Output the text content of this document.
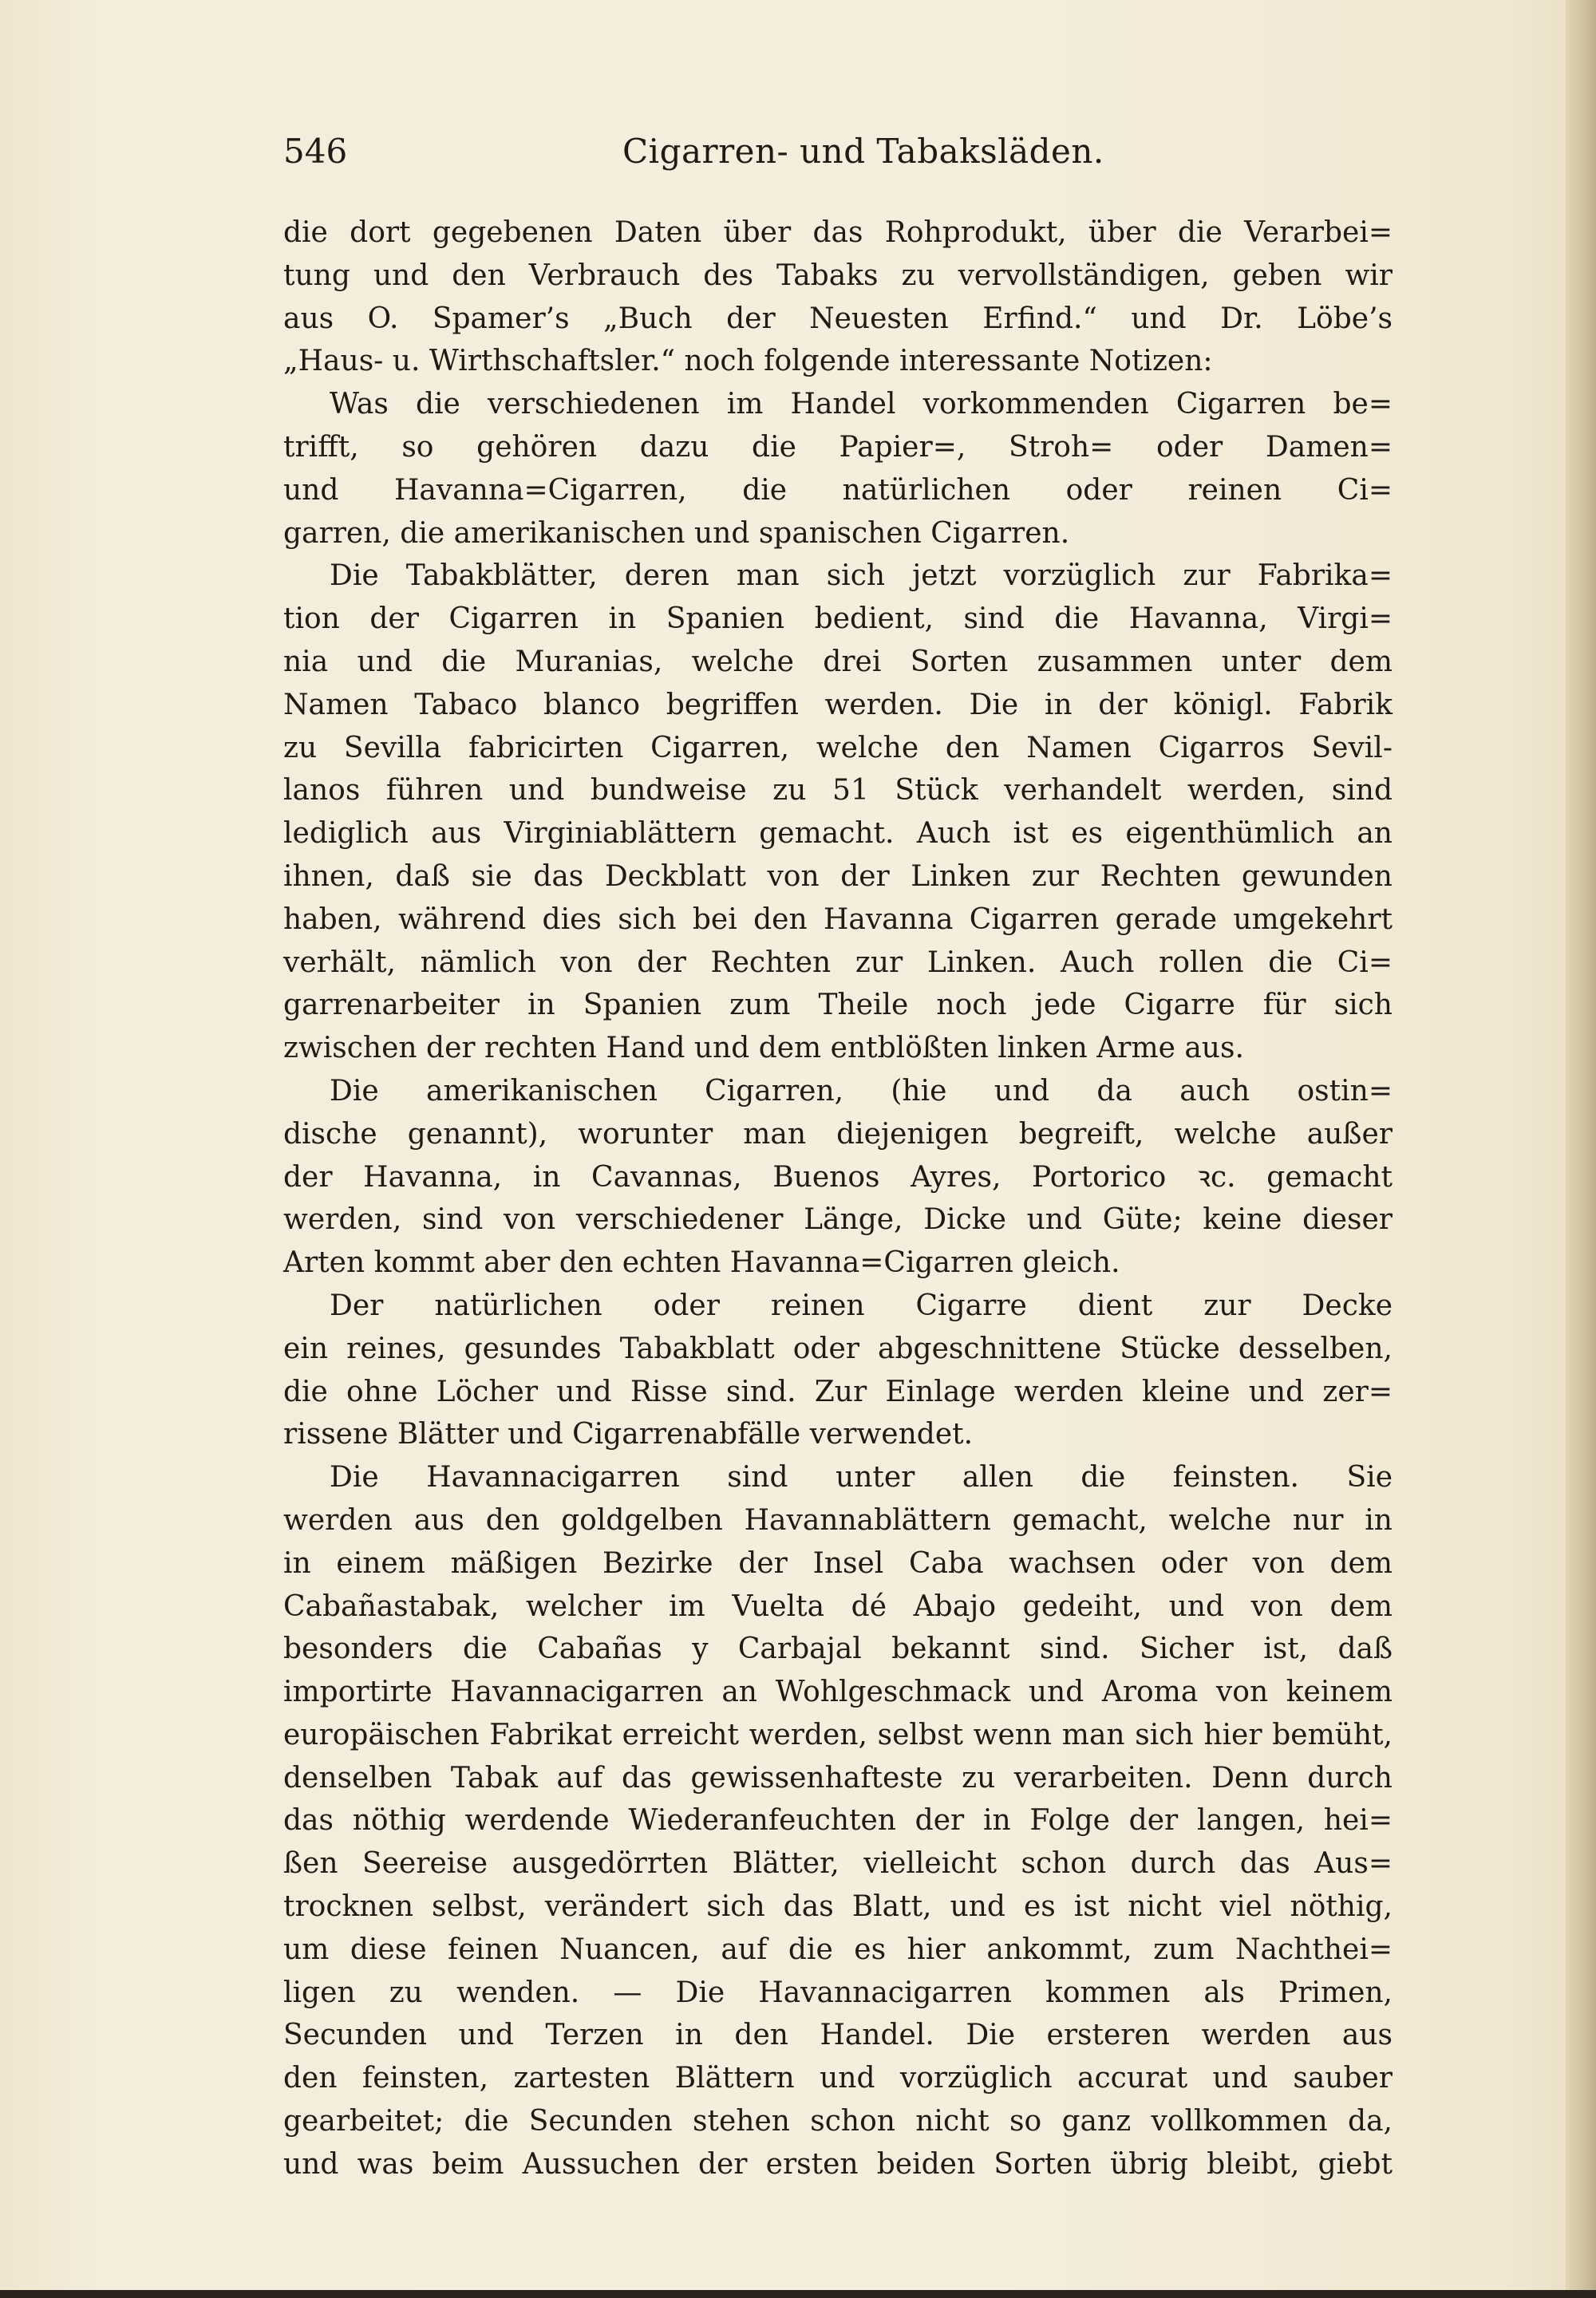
546	Cigarren- und Tabaksläden.
die dort gegebenen Daten über das Rohprodukt, über die Verarbei=
tung und den Verbrauch des Tabaks zu vervollständigen, geben wir
aus O. Spamer’s „Buch der Neuesten Erfind.“ und Dr. Löbe’s
„Haus- u. Wirthschaftsler.“ noch folgende interessante Notizen:
Was die verschiedenen im Handel vorkommenden Cigarren be=
trifft, so gehören dazu die Papier=, Stroh= oder Damen=
und Havanna=Cigarren, die natürlichen oder reinen Ci=
garren, die amerikanischen und spanischen Cigarren.
Die Tabakblätter, deren man sich jetzt vorzüglich zur Fabrika=
tion der Cigarren in Spanien bedient, sind die Havanna, Virgi=
nia und die Muranias, welche drei Sorten zusammen unter dem
Namen Tabaco blanco begriffen werden. Die in der königl. Fabrik
zu Sevilla fabricirten Cigarren, welche den Namen Cigarros Sevil-
lanos führen und bundweise zu 51 Stück verhandelt werden, sind
lediglich aus Virginiablättern gemacht. Auch ist es eigenthümlich an
ihnen, daß sie das Deckblatt von der Linken zur Rechten gewunden
haben, während dies sich bei den Havanna Cigarren gerade umgekehrt
verhält, nämlich von der Rechten zur Linken. Auch rollen die Ci=
garrenarbeiter in Spanien zum Theile noch jede Cigarre für sich
zwischen der rechten Hand und dem entblößten linken Arme aus.
Die amerikanischen Cigarren, (hie und da auch ostin=
dische genannt), worunter man diejenigen begreift, welche außer
der Havanna, in Cavannas, Buenos Ayres, Portorico ꝛc. gemacht
werden, sind von verschiedener Länge, Dicke und Güte; keine dieser
Arten kommt aber den echten Havanna=Cigarren gleich.
Der natürlichen oder reinen Cigarre dient zur Decke
ein reines, gesundes Tabakblatt oder abgeschnittene Stücke desselben,
die ohne Löcher und Risse sind. Zur Einlage werden kleine und zer=
rissene Blätter und Cigarrenabfälle verwendet.
Die Havannacigarren sind unter allen die feinsten. Sie
werden aus den goldgelben Havannablättern gemacht, welche nur in
in einem mäßigen Bezirke der Insel Caba wachsen oder von dem
Cabañastabak, welcher im Vuelta dé Abajo gedeiht, und von dem
besonders die Cabañas y Carbajal bekannt sind. Sicher ist, daß
importirte Havannacigarren an Wohlgeschmack und Aroma von keinem
europäischen Fabrikat erreicht werden, selbst wenn man sich hier bemüht,
denselben Tabak auf das gewissenhafteste zu verarbeiten. Denn durch
das nöthig werdende Wiederanfeuchten der in Folge der langen, hei=
ßen Seereise ausgedörrten Blätter, vielleicht schon durch das Aus=
trocknen selbst, verändert sich das Blatt, und es ist nicht viel nöthig,
um diese feinen Nuancen, auf die es hier ankommt, zum Nachthei=
ligen zu wenden. — Die Havannacigarren kommen als Primen,
Secunden und Terzen in den Handel. Die ersteren werden aus
den feinsten, zartesten Blättern und vorzüglich accurat und sauber
gearbeitet; die Secunden stehen schon nicht so ganz vollkommen da,
und was beim Aussuchen der ersten beiden Sorten übrig bleibt, giebt
